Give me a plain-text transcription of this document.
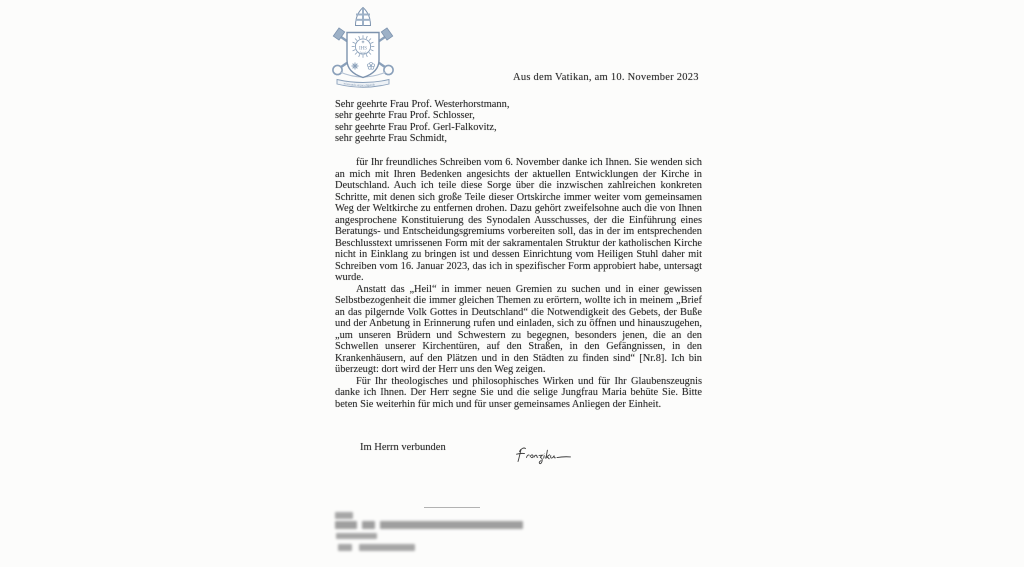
IHS
miserando atque eligendo
Aus dem Vatikan, am 10. November 2023
Sehr geehrte Frau Prof. Westerhorstmann,
sehr geehrte Frau Prof. Schlosser,
sehr geehrte Frau Prof. Gerl-Falkovitz,
sehr geehrte Frau Schmidt,

für Ihr freundliches Schreiben vom 6. November danke ich Ihnen. Sie wenden sich an mich mit Ihren Bedenken angesichts der aktuellen Entwicklungen der Kirche in Deutschland. Auch ich teile diese Sorge über die inzwischen zahlreichen konkreten Schritte, mit denen sich große Teile dieser Ortskirche immer weiter vom gemeinsamen Weg der Weltkirche zu entfernen drohen. Dazu gehört zweifelsohne auch die von Ihnen angesprochene Konstituierung des Synodalen Ausschusses, der die Einführung eines Beratungs- und Entscheidungsgremiums vorbereiten soll, das in der im entsprechenden Beschlusstext umrissenen Form mit der sakramentalen Struktur der katholischen Kirche nicht in Einklang zu bringen ist und dessen Einrichtung vom Heiligen Stuhl daher mit Schreiben vom 16. Januar 2023, das ich in spezifischer Form approbiert habe, untersagt wurde.

Anstatt das „Heil“ in immer neuen Gremien zu suchen und in einer gewissen Selbstbezogenheit die immer gleichen Themen zu erörtern, wollte ich in meinem „Brief an das pilgernde Volk Gottes in Deutschland“ die Notwendigkeit des Gebets, der Buße und der Anbetung in Erinnerung rufen und einladen, sich zu öffnen und hinauszugehen, „um unseren Brüdern und Schwestern zu begegnen, besonders jenen, die an den Schwellen unserer Kirchentüren, auf den Straßen, in den Gefängnissen, in den Krankenhäusern, auf den Plätzen und in den Städten zu finden sind“ [Nr.8]. Ich bin überzeugt: dort wird der Herr uns den Weg zeigen.

Für Ihr theologisches und philosophisches Wirken und für Ihr Glaubenszeugnis danke ich Ihnen. Der Herr segne Sie und die selige Jungfrau Maria behüte Sie. Bitte beten Sie weiterhin für mich und für unser gemeinsames Anliegen der Einheit.

Im Herrn verbunden
